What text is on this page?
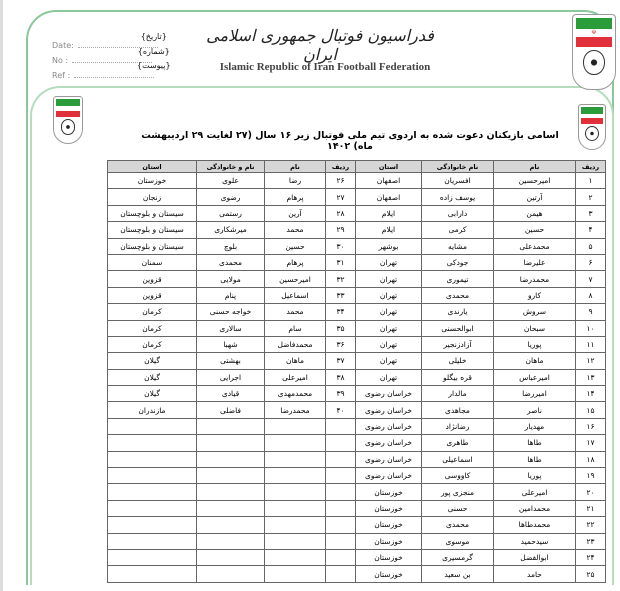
☫
Date:
No :
Ref :
{تاریخ}
{شماره}
{پیوست}
فدراسیون فوتبال جمهوری اسلامی ایران
Islamic Republic of Iran Football Federation
اسامی بازیکنان دعوت شده به اردوی تیم ملی فوتبال زیر ۱۶ سال (۲۷ لغایت ۲۹ اردیبهشت ماه) ۱۴۰۲
ردیف	نام	نام خانوادگی	استان	ردیف	نام	نام و خانوادگی	استان
۱	امیرحسین	افسریان	اصفهان	۲۶	رضا	علوی	خوزستان
۲	آرتین	یوسف زاده	اصفهان	۲۷	پرهام	رضوی	زنجان
۳	هیمن	دارابی	ایلام	۲۸	آرین	رستمی	سیستان و بلوچستان
۴	حسین	کرمی	ایلام	۲۹	محمد	میرشکاری	سیستان و بلوچستان
۵	محمدعلی	مشایه	بوشهر	۳۰	حسین	بلوچ	سیستان و بلوچستان
۶	علیرضا	جودکی	تهران	۳۱	پرهام	محمدی	سمنان
۷	محمدرضا	تیموری	تهران	۳۲	امیرحسین	مولایی	قزوین
۸	کارو	محمدی	تهران	۳۳	اسماعیل	پنام	قزوین
۹	سروش	یارندی	تهران	۳۴	محمد	خواجه حسنی	کرمان
۱۰	سبحان	ابوالحسنی	تهران	۳۵	سام	سالاری	کرمان
۱۱	پوریا	آزادزنجیر	تهران	۳۶	محمدفاضل	شهبا	کرمان
۱۲	ماهان	خلیلی	تهران	۳۷	ماهان	بهشتی	گیلان
۱۳	امیرعباس	قره بیگلو	تهران	۳۸	امیرعلی	اجرایی	گیلان
۱۴	امیررضا	مالدار	خراسان رضوی	۳۹	محمدمهدی	قیادی	گیلان
۱۵	ناصر	مجاهدی	خراسان رضوی	۴۰	محمدرضا	فاضلی	مازندران
۱۶	مهدیار	رضانژاد	خراسان رضوی				
۱۷	طاها	طاهری	خراسان رضوی				
۱۸	طاها	اسماعیلی	خراسان رضوی				
۱۹	پوریا	کاووسی	خراسان رضوی				
۲۰	امیرعلی	منجزی پور	خوزستان				
۲۱	محمدامین	حسنی	خوزستان				
۲۲	محمدطاها	محمدی	خوزستان				
۲۳	سیدحمید	موسوی	خوزستان				
۲۴	ابوالفضل	گرمسیری	خوزستان				
۲۵	حامد	بن سعید	خوزستان				
